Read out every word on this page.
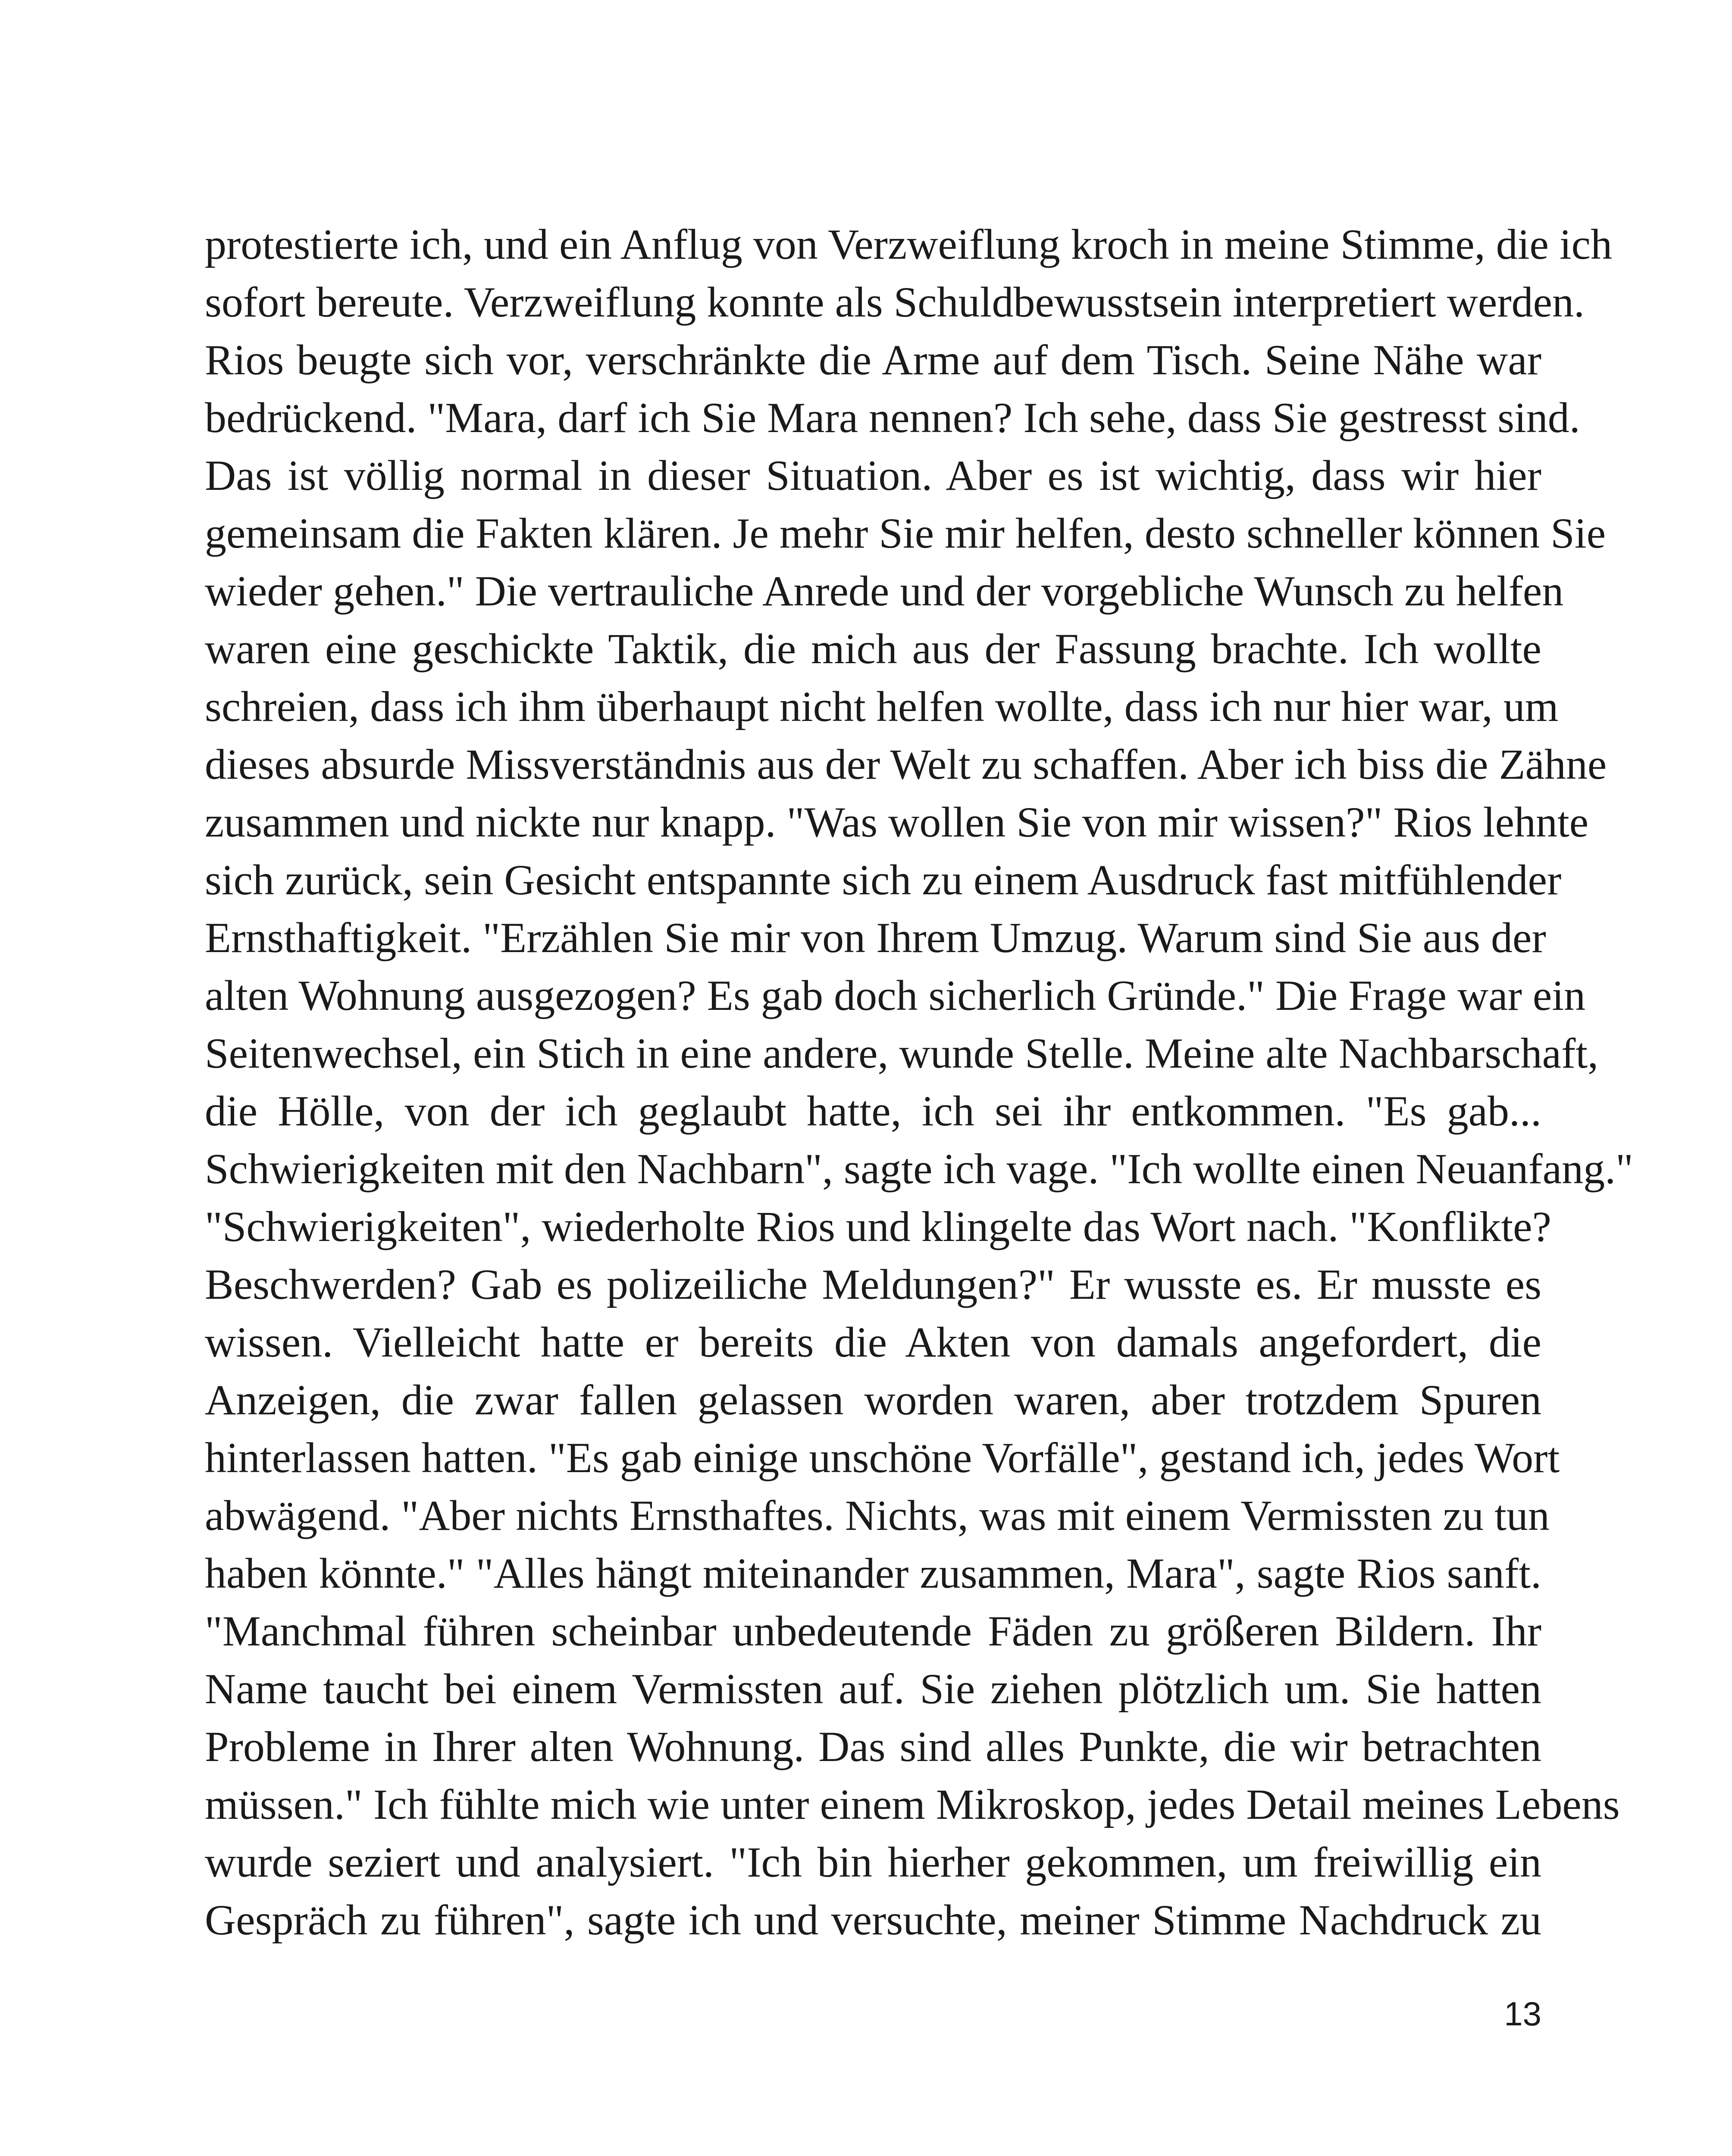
protestierte ich, und ein Anflug von Verzweiflung kroch in meine Stimme, die ich
sofort bereute. Verzweiflung konnte als Schuldbewusstsein interpretiert werden.
Rios beugte sich vor, verschränkte die Arme auf dem Tisch. Seine Nähe war
bedrückend. "Mara, darf ich Sie Mara nennen? Ich sehe, dass Sie gestresst sind.
Das ist völlig normal in dieser Situation. Aber es ist wichtig, dass wir hier
gemeinsam die Fakten klären. Je mehr Sie mir helfen, desto schneller können Sie
wieder gehen." Die vertrauliche Anrede und der vorgebliche Wunsch zu helfen
waren eine geschickte Taktik, die mich aus der Fassung brachte. Ich wollte
schreien, dass ich ihm überhaupt nicht helfen wollte, dass ich nur hier war, um
dieses absurde Missverständnis aus der Welt zu schaffen. Aber ich biss die Zähne
zusammen und nickte nur knapp. "Was wollen Sie von mir wissen?" Rios lehnte
sich zurück, sein Gesicht entspannte sich zu einem Ausdruck fast mitfühlender
Ernsthaftigkeit. "Erzählen Sie mir von Ihrem Umzug. Warum sind Sie aus der
alten Wohnung ausgezogen? Es gab doch sicherlich Gründe." Die Frage war ein
Seitenwechsel, ein Stich in eine andere, wunde Stelle. Meine alte Nachbarschaft,
die Hölle, von der ich geglaubt hatte, ich sei ihr entkommen. "Es gab...
Schwierigkeiten mit den Nachbarn", sagte ich vage. "Ich wollte einen Neuanfang."
"Schwierigkeiten", wiederholte Rios und klingelte das Wort nach. "Konflikte?
Beschwerden? Gab es polizeiliche Meldungen?" Er wusste es. Er musste es
wissen. Vielleicht hatte er bereits die Akten von damals angefordert, die
Anzeigen, die zwar fallen gelassen worden waren, aber trotzdem Spuren
hinterlassen hatten. "Es gab einige unschöne Vorfälle", gestand ich, jedes Wort
abwägend. "Aber nichts Ernsthaftes. Nichts, was mit einem Vermissten zu tun
haben könnte." "Alles hängt miteinander zusammen, Mara", sagte Rios sanft.
"Manchmal führen scheinbar unbedeutende Fäden zu größeren Bildern. Ihr
Name taucht bei einem Vermissten auf. Sie ziehen plötzlich um. Sie hatten
Probleme in Ihrer alten Wohnung. Das sind alles Punkte, die wir betrachten
müssen." Ich fühlte mich wie unter einem Mikroskop, jedes Detail meines Lebens
wurde seziert und analysiert. "Ich bin hierher gekommen, um freiwillig ein
Gespräch zu führen", sagte ich und versuchte, meiner Stimme Nachdruck zu
13
